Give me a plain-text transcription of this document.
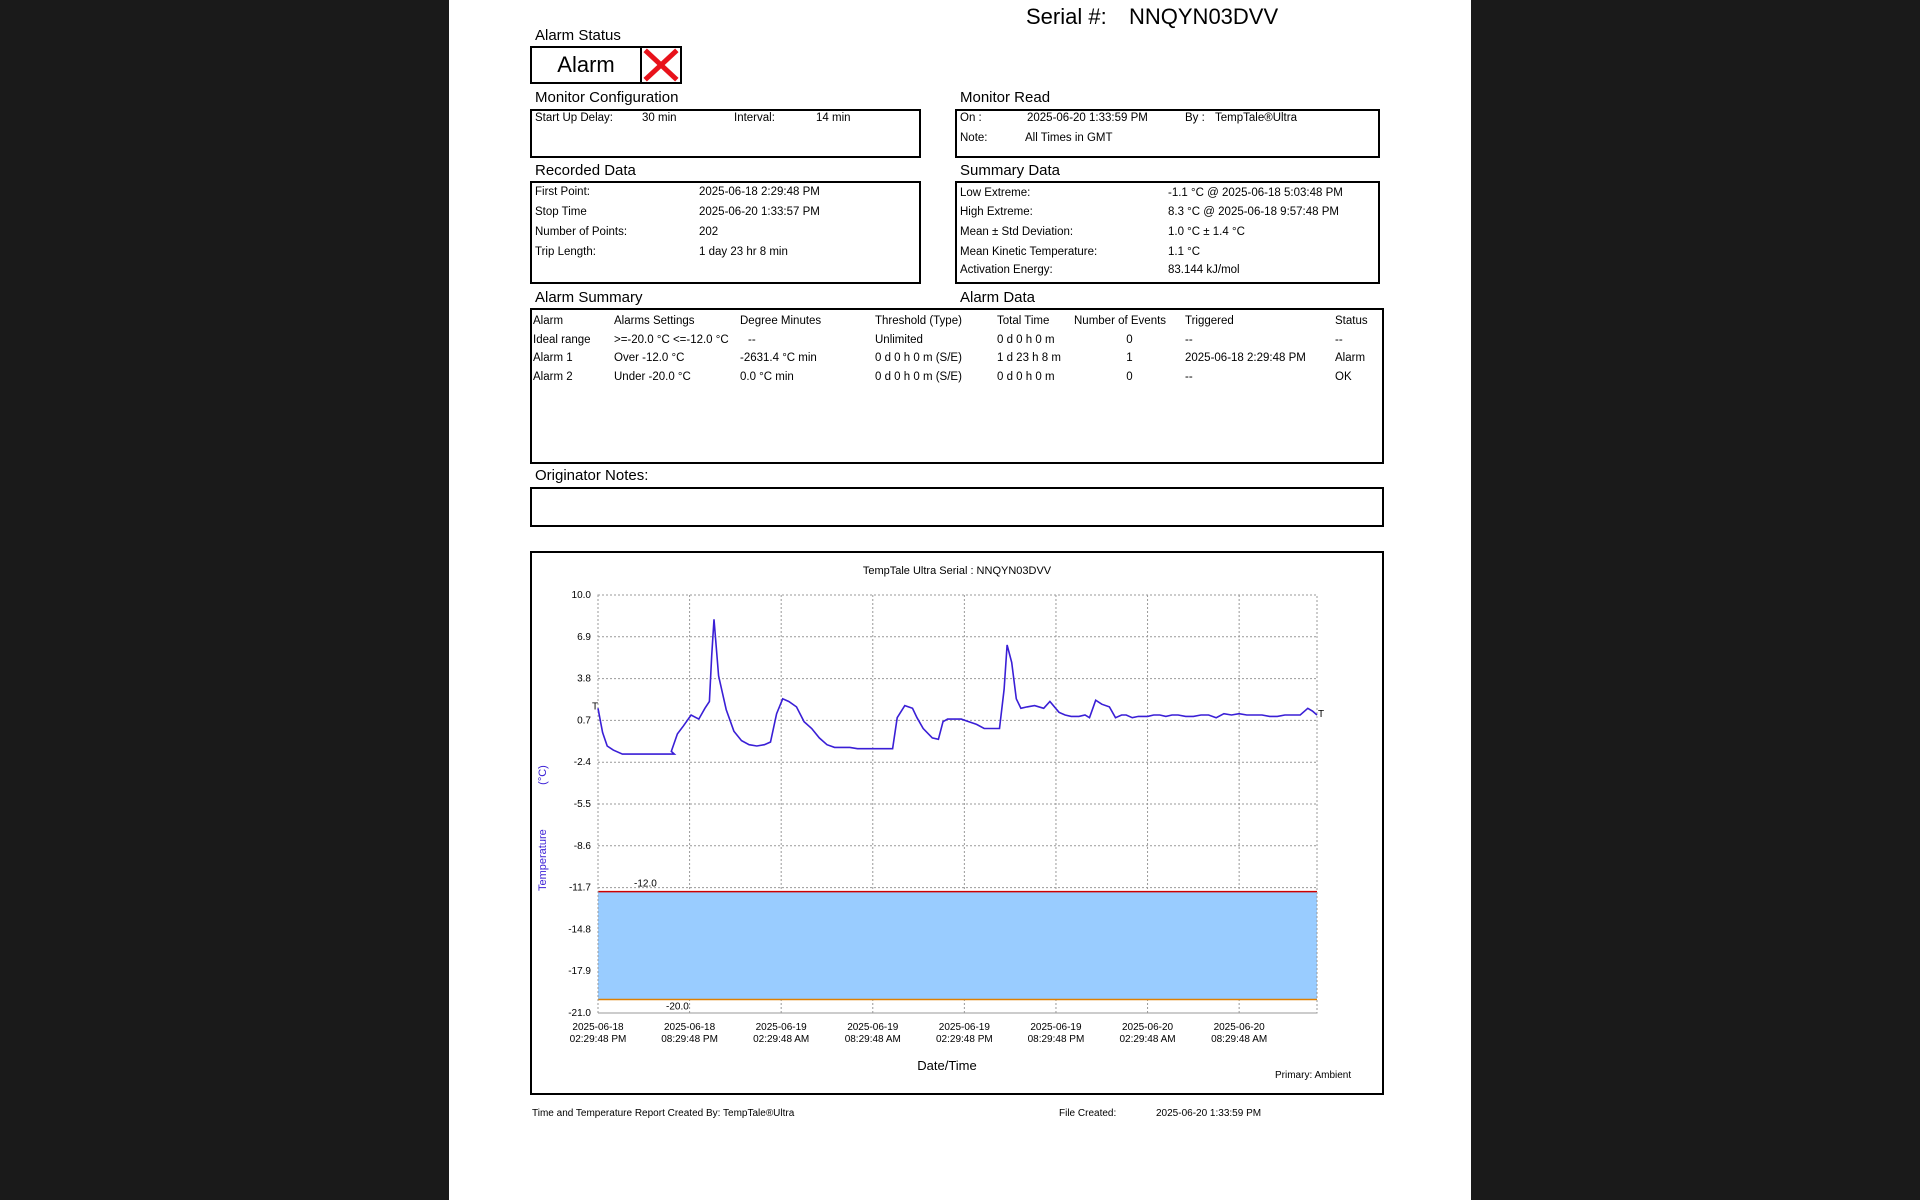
Serial #: NNQYN03DVV
Alarm Status
Alarm
Monitor Configuration
Start Up Delay:	30 min	Interval:	14 min
Monitor Read
On :	2025-06-20 1:33:59 PM	By : TempTale®Ultra
Note:	All Times in GMT
Recorded Data
First Point:	2025-06-18 2:29:48 PM
Stop Time	2025-06-20 1:33:57 PM
Number of Points:	202
Trip Length:	1 day 23 hr 8 min
Summary Data
Low Extreme:	-1.1 °C @ 2025-06-18 5:03:48 PM
High Extreme:	8.3 °C @ 2025-06-18 9:57:48 PM
Mean ± Std Deviation:	1.0 °C ± 1.4 °C
Mean Kinetic Temperature:	1.1 °C
Activation Energy:	83.144 kJ/mol
Alarm Summary	Alarm Data
Alarm	Alarms Settings	Degree Minutes	Threshold (Type)	Total Time	Number of Events	Triggered	Status
Ideal range	>=-20.0 °C <=-12.0 °C	--	Unlimited	0 d 0 h 0 m	0	--	--
Alarm 1	Over -12.0 °C	-2631.4 °C min	0 d 0 h 0 m (S/E)	1 d 23 h 8 m	1	2025-06-18 2:29:48 PM	Alarm
Alarm 2	Under -20.0 °C	0.0 °C min	0 d 0 h 0 m (S/E)	0 d 0 h 0 m	0	--	OK
Originator Notes:
-12.0
-20.0
10.0
6.9
3.8
0.7
-2.4
-5.5
-8.6
-11.7
-14.8
-17.9
-21.0
2025-06-18
02:29:48 PM
2025-06-18
08:29:48 PM
2025-06-19
02:29:48 AM
2025-06-19
08:29:48 AM
2025-06-19
02:29:48 PM
2025-06-19
08:29:48 PM
2025-06-20
02:29:48 AM
2025-06-20
08:29:48 AM
T
T
TempTale Ultra Serial : NNQYN03DVV
Date/Time
Primary: Ambient
Temperature
(°C)
Time and Temperature Report Created By: TempTale®Ultra	File Created:	2025-06-20 1:33:59 PM
